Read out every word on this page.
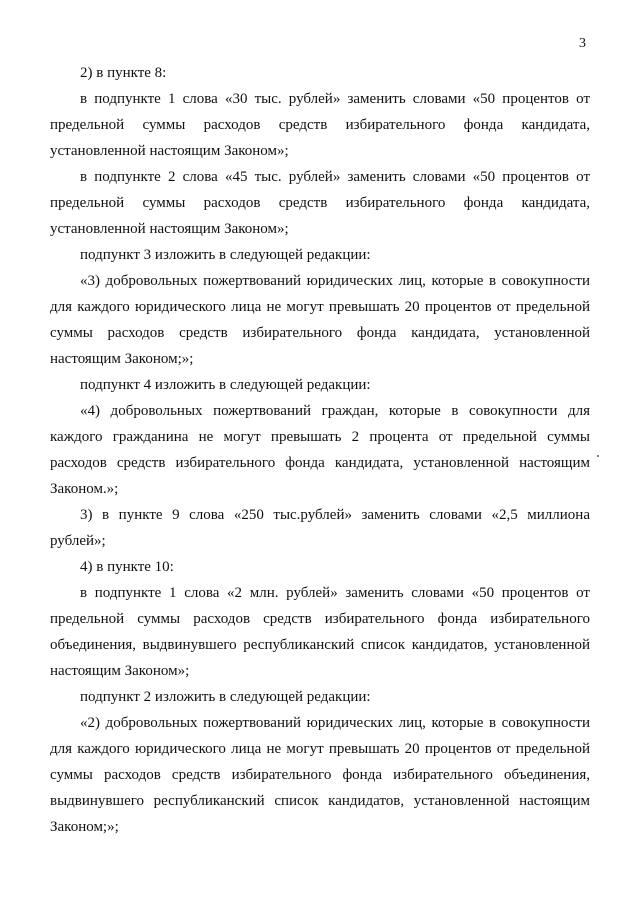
3
2) в пункте 8:
в подпункте 1 слова «30 тыс. рублей» заменить словами «50 процентов от
предельной суммы расходов средств избирательного фонда кандидата,
установленной настоящим Законом»;
в подпункте 2 слова «45 тыс. рублей» заменить словами «50 процентов от
предельной суммы расходов средств избирательного фонда кандидата,
установленной настоящим Законом»;
подпункт 3 изложить в следующей редакции:
«3) добровольных пожертвований юридических лиц, которые в совокупности
для каждого юридического лица не могут превышать 20 процентов от предельной
суммы расходов средств избирательного фонда кандидата, установленной
настоящим Законом;»;
подпункт 4 изложить в следующей редакции:
«4) добровольных пожертвований граждан, которые в совокупности для
каждого гражданина не могут превышать 2 процента от предельной суммы
расходов средств избирательного фонда кандидата, установленной настоящим
Законом.»;
3) в пункте 9 слова «250 тыс.рублей» заменить словами «2,5 миллиона
рублей»;
4) в пункте 10:
в подпункте 1 слова «2 млн. рублей» заменить словами «50 процентов от
предельной суммы расходов средств избирательного фонда избирательного
объединения, выдвинувшего республиканский список кандидатов, установленной
настоящим Законом»;
подпункт 2 изложить в следующей редакции:
«2) добровольных пожертвований юридических лиц, которые в совокупности
для каждого юридического лица не могут превышать 20 процентов от предельной
суммы расходов средств избирательного фонда избирательного объединения,
выдвинувшего республиканский список кандидатов, установленной настоящим
Законом;»;
